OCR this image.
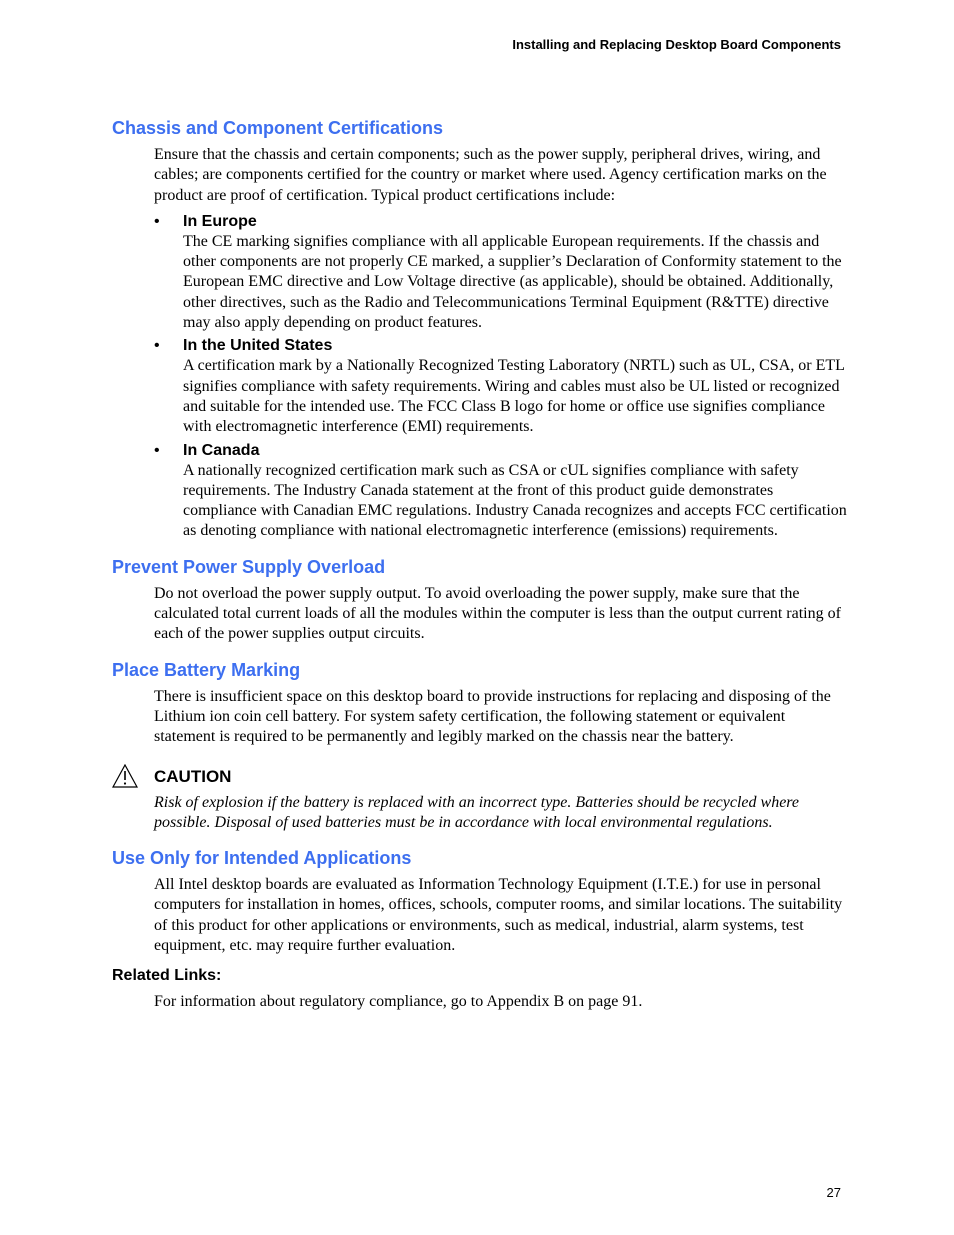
Installing and Replacing Desktop Board Components
Chassis and Component Certifications

Ensure that the chassis and certain components; such as the power supply, peripheral drives, wiring, and cables; are components certified for the country or market where used. Agency certification marks on the product are proof of certification. Typical product certifications include:

• In Europe
The CE marking signifies compliance with all applicable European requirements. If the chassis and other components are not properly CE marked, a supplier’s Declaration of Conformity statement to the European EMC directive and Low Voltage directive (as applicable), should be obtained. Additionally, other directives, such as the Radio and Telecommunications Terminal Equipment (R&TTE) directive may also apply depending on product features.
• In the United States
A certification mark by a Nationally Recognized Testing Laboratory (NRTL) such as UL, CSA, or ETL signifies compliance with safety requirements. Wiring and cables must also be UL listed or recognized and suitable for the intended use. The FCC Class B logo for home or office use signifies compliance with electromagnetic interference (EMI) requirements.
• In Canada
A nationally recognized certification mark such as CSA or cUL signifies compliance with safety requirements. The Industry Canada statement at the front of this product guide demonstrates compliance with Canadian EMC regulations. Industry Canada recognizes and accepts FCC certification as denoting compliance with national electromagnetic interference (emissions) requirements.
Prevent Power Supply Overload

Do not overload the power supply output. To avoid overloading the power supply, make sure that the calculated total current loads of all the modules within the computer is less than the output current rating of each of the power supplies output circuits.

Place Battery Marking

There is insufficient space on this desktop board to provide instructions for replacing and disposing of the Lithium ion coin cell battery. For system safety certification, the following statement or equivalent statement is required to be permanently and legibly marked on the chassis near the battery.

CAUTION
Risk of explosion if the battery is replaced with an incorrect type. Batteries should be recycled where possible. Disposal of used batteries must be in accordance with local environmental regulations.
Use Only for Intended Applications

All Intel desktop boards are evaluated as Information Technology Equipment (I.T.E.) for use in personal computers for installation in homes, offices, schools, computer rooms, and similar locations. The suitability of this product for other applications or environments, such as medical, industrial, alarm systems, test equipment, etc. may require further evaluation.

Related Links:

For information about regulatory compliance, go to Appendix B on page 91.

27
